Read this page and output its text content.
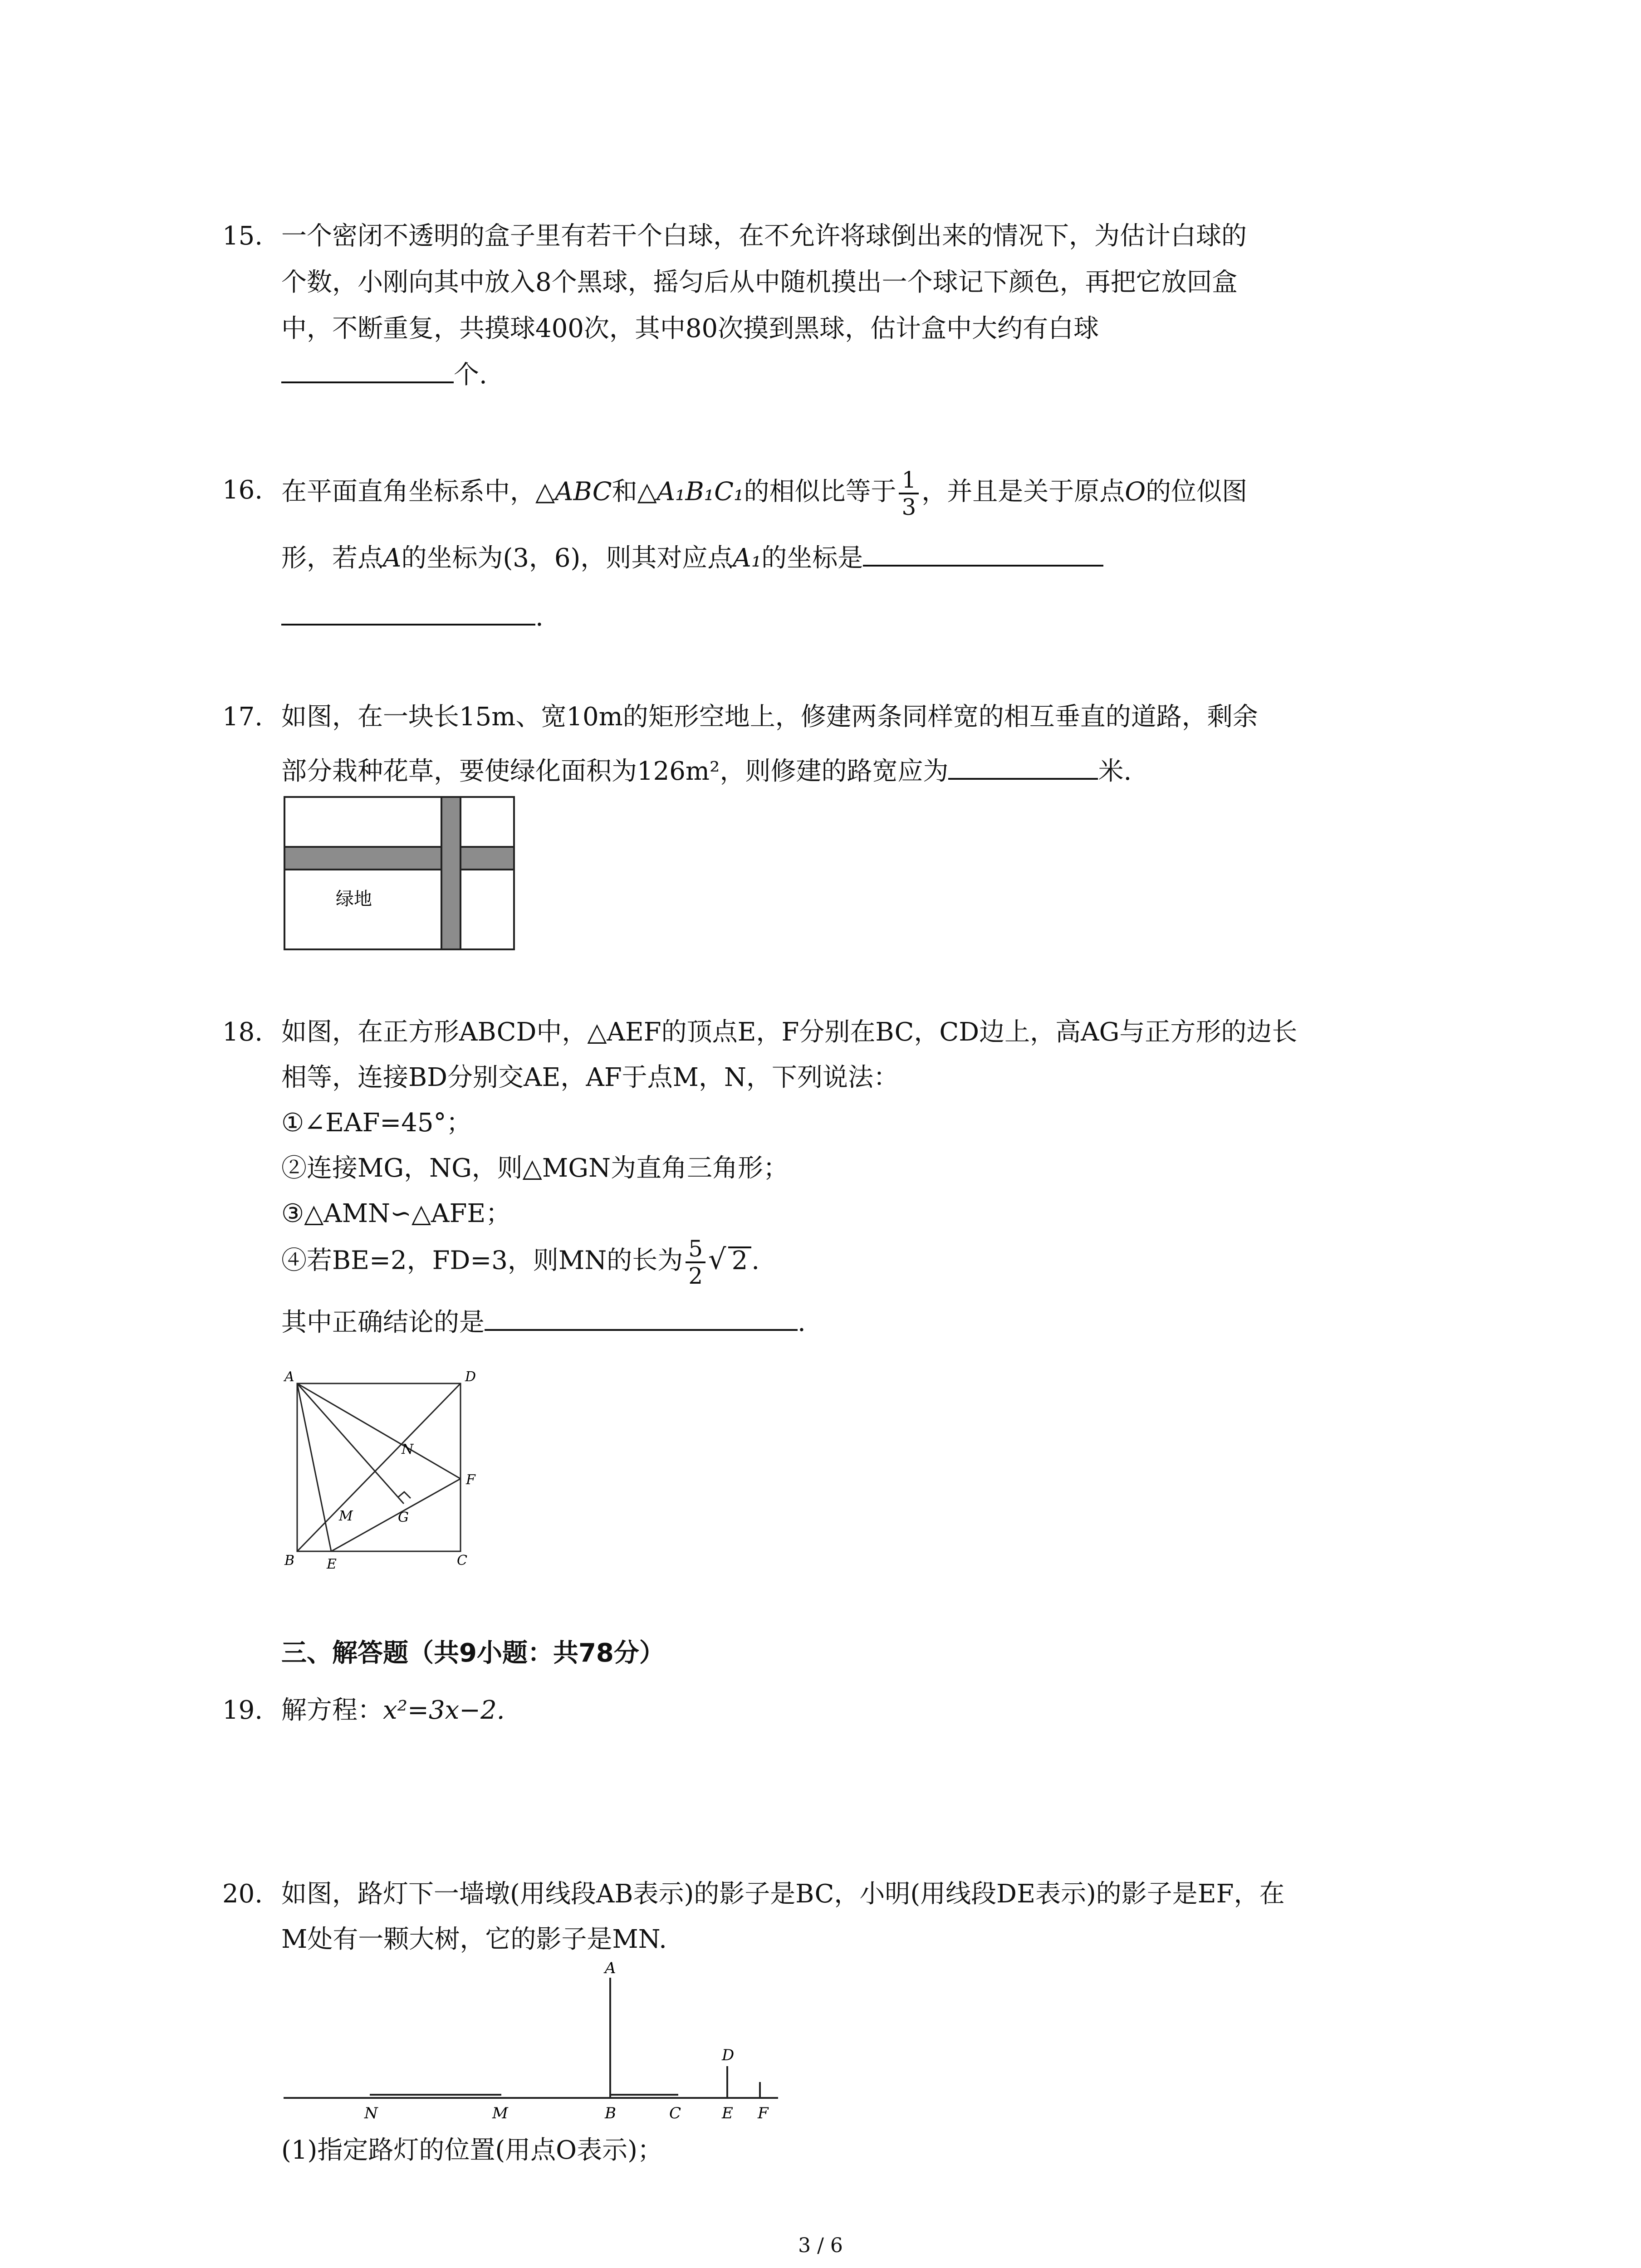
15. 一个密闭不透明的盒子里有若干个白球，在不允许将球倒出来的情况下，为估计白球的
个数，小刚向其中放入8个黑球，摇匀后从中随机摸出一个球记下颜色，再把它放回盒
中，不断重复，共摸球400次，其中80次摸到黑球，估计盒中大约有白球
个.
16. 在平面直角坐标系中，△ABC和△A₁B₁C₁的相似比等于 $\frac{1}{3}$ ，并且是关于原点O的位似图
形，若点A的坐标为(3，6)，则其对应点A₁的坐标是
.
17. 如图，在一块长15m、宽10m的矩形空地上，修建两条同样宽的相互垂直的道路，剩余
部分栽种花草，要使绿化面积为126m²，则修建的路宽应为	米.
绿地
18. 如图，在正方形ABCD中，△AEF的顶点E，F分别在BC，CD边上，高AG与正方形的边长
相等，连接BD分别交AE，AF于点M，N，下列说法：
①∠EAF=45°；
②连接MG，NG，则△MGN为直角三角形；
③△AMN∽△AFE；
④若BE=2，FD=3，则MN的长为 $\frac{5}{2}$ √ 2 .
其中正确结论的是	.
A	D
N
F
M	G
B E	C
三、解答题（共9小题：共78分）
19. 解方程：x²=3x−2.
20. 如图，路灯下一墙墩(用线段AB表示)的影子是BC，小明(用线段DE表示)的影子是EF，在
M处有一颗大树，它的影子是MN.
A
D
N	M	B	C	E F
(1)指定路灯的位置(用点O表示)；
3 / 6
